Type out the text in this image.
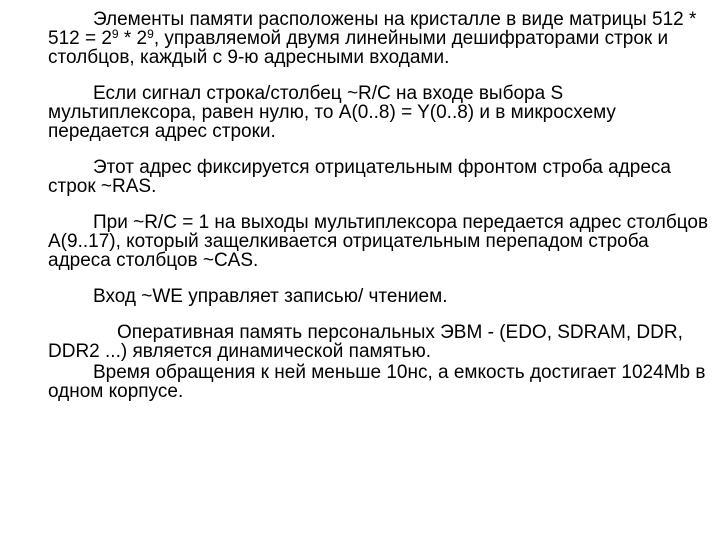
Элементы памяти расположены на кристалле в виде матрицы $512 * 512 = 2^9 * 2^9$, управляемой двумя линейными дешифраторами строк и столбцов, каждый с 9-ю адресными входами.

Если сигнал строка/столбец ~R/C на входе выбора S мультиплексора, равен нулю, то A(0..8) = Y(0..8) и в микросхему передается адрес строки.

Этот адрес фиксируется отрицательным фронтом строба адреса строк ~RAS.

При ~R/C = 1 на выходы мультиплексора передается адрес столбцов A(9..17), который защелкивается отрицательным перепадом строба адреса столбцов ~CAS.

Вход ~WE управляет записью/ чтением.

Оперативная память персональных ЭВМ - (EDO, SDRAM, DDR, DDR2 ...) является динамической памятью.

Время обращения к ней меньше 10нс, а емкость достигает 1024Mb в одном корпусе.
